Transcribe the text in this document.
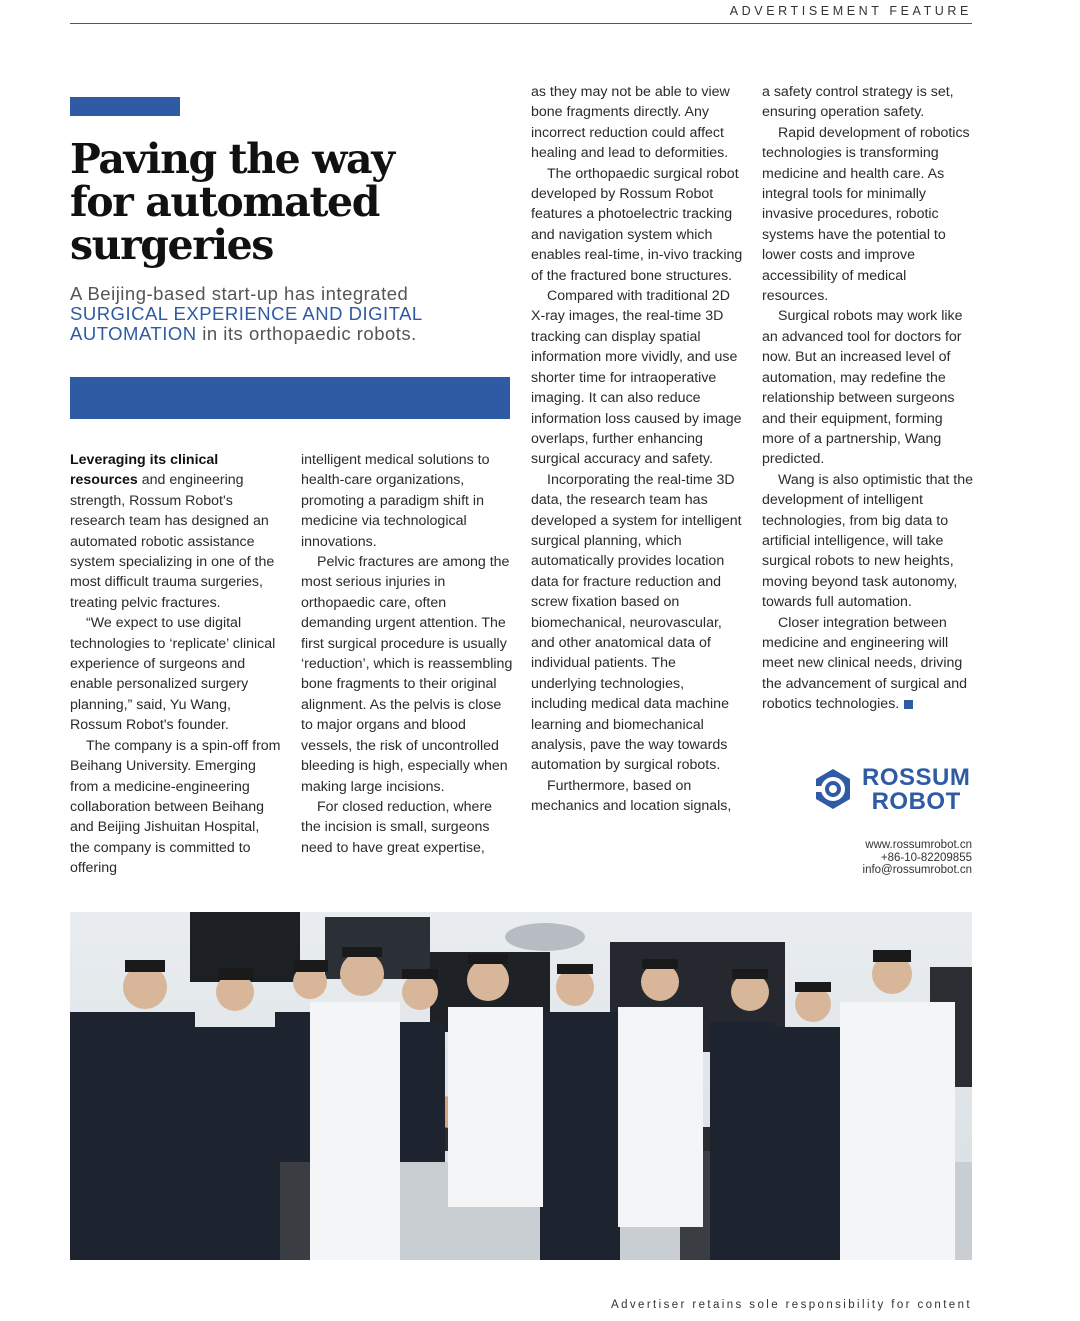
ADVERTISEMENT FEATURE
Paving the way
for automated
surgeries

A Beijing-based start-up has integrated SURGICAL EXPERIENCE AND DIGITAL AUTOMATION in its orthopaedic robots.

Leveraging its clinical resources and engineering strength, Rossum Robot's research team has designed an automated robotic assistance system specializing in one of the most difficult trauma surgeries, treating pelvic fractures.

“We expect to use digital technologies to ‘replicate’ clinical experience of surgeons and enable personalized surgery planning,” said, Yu Wang, Rossum Robot's founder.

The company is a spin-off from Beihang University. Emerging from a medicine-engineering collaboration between Beihang and Beijing Jishuitan Hospital, the company is committed to offering

intelligent medical solutions to health-care organizations, promoting a paradigm shift in medicine via technological innovations.

Pelvic fractures are among the most serious injuries in orthopaedic care, often demanding urgent attention. The first surgical procedure is usually ‘reduction’, which is reassembling bone fragments to their original alignment. As the pelvis is close to major organs and blood vessels, the risk of uncontrolled bleeding is high, especially when making large incisions.

For closed reduction, where the incision is small, surgeons need to have great expertise,

as they may not be able to view bone fragments directly. Any incorrect reduction could affect healing and lead to deformities.

The orthopaedic surgical robot developed by Rossum Robot features a photoelectric tracking and navigation system which enables real-time, in-vivo tracking of the fractured bone structures.

Compared with traditional 2D X-ray images, the real-time 3D tracking can display spatial information more vividly, and use shorter time for intraoperative imaging. It can also reduce information loss caused by image overlaps, further enhancing surgical accuracy and safety.

Incorporating the real-time 3D data, the research team has developed a system for intelligent surgical planning, which automatically provides location data for fracture reduction and screw fixation based on biomechanical, neurovascular, and other anatomical data of individual patients. The underlying technologies, including medical data machine learning and biomechanical analysis, pave the way towards automation by surgical robots.

Furthermore, based on mechanics and location signals,

a safety control strategy is set, ensuring operation safety.

Rapid development of robotics technologies is transforming medicine and health care. As integral tools for minimally invasive procedures, robotic systems have the potential to lower costs and improve accessibility of medical resources.

Surgical robots may work like an advanced tool for doctors for now. But an increased level of automation, may redefine the relationship between surgeons and their equipment, forming more of a partnership, Wang predicted.

Wang is also optimistic that the development of intelligent technologies, from big data to artificial intelligence, will take surgical robots to new heights, moving beyond task autonomy, towards full automation.

Closer integration between medicine and engineering will meet new clinical needs, driving the advancement of surgical and robotics technologies.

ROSSUM
ROBOT
www.rossumrobot.cn
+86-10-82209855
info@rossumrobot.cn
Advertiser retains sole responsibility for content
